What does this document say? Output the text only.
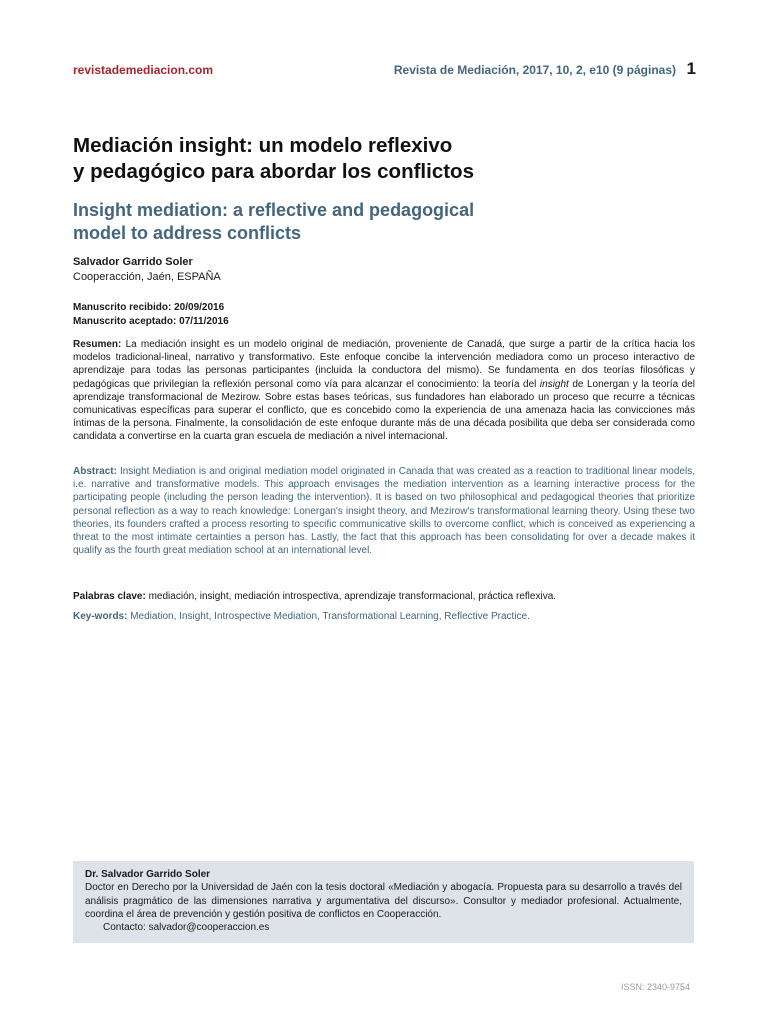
revistademediacion.com	Revista de Mediación, 2017, 10, 2, e10 (9 páginas) 1
Mediación insight: un modelo reflexivo
y pedagógico para abordar los conflictos
Insight mediation: a reflective and pedagogical
model to address conflicts
Salvador Garrido Soler
Cooperacción, Jaén, ESPAÑA
Manuscrito recibido: 20/09/2016
Manuscrito aceptado: 07/11/2016
Resumen: La mediación insight es un modelo original de mediación, proveniente de Canadá, que surge a partir de la crítica hacia los modelos tradicional-lineal, narrativo y transformativo. Este enfoque concibe la intervención mediadora como un proceso interactivo de aprendizaje para todas las personas participantes (incluida la conductora del mismo). Se fundamenta en dos teorías filosóficas y pedagógicas que privilegian la reflexión personal como vía para alcanzar el conocimiento: la teoría del insight de Lonergan y la teoría del aprendizaje transformacional de Mezirow. Sobre estas bases teóricas, sus fundadores han elaborado un proceso que recurre a técnicas comunicativas específicas para superar el conflicto, que es concebido como la experiencia de una amenaza hacia las convicciones más íntimas de la persona. Finalmente, la consolidación de este enfoque durante más de una década posibilita que deba ser considerada como candidata a convertirse en la cuarta gran escuela de mediación a nivel internacional.
Abstract: Insight Mediation is and original mediation model originated in Canada that was created as a reaction to traditional linear models, i.e. narrative and transformative models. This approach envisages the mediation intervention as a learning interactive process for the participating people (including the person leading the intervention). It is based on two philosophical and pedagogical theories that prioritize personal reflection as a way to reach knowledge: Lonergan's insight theory, and Mezirow's transformational learning theory. Using these two theories, its founders crafted a process resorting to specific communicative skills to overcome conflict, which is conceived as experiencing a threat to the most intimate certainties a person has. Lastly, the fact that this approach has been consolidating for over a decade makes it qualify as the fourth great mediation school at an international level.
Palabras clave: mediación, insight, mediación introspectiva, aprendizaje transformacional, práctica reflexiva.
Key-words: Mediation, Insight, Introspective Mediation, Transformational Learning, Reflective Practice.
Dr. Salvador Garrido Soler
Doctor en Derecho por la Universidad de Jaén con la tesis doctoral «Mediación y abogacía. Propuesta para su desarrollo a través del análisis pragmático de las dimensiones narrativa y argumentativa del discurso». Consultor y mediador profesional. Actualmente, coordina el área de prevención y gestión positiva de conflictos en Cooperacción.
Contacto: salvador@cooperaccion.es
ISSN: 2340-9754
